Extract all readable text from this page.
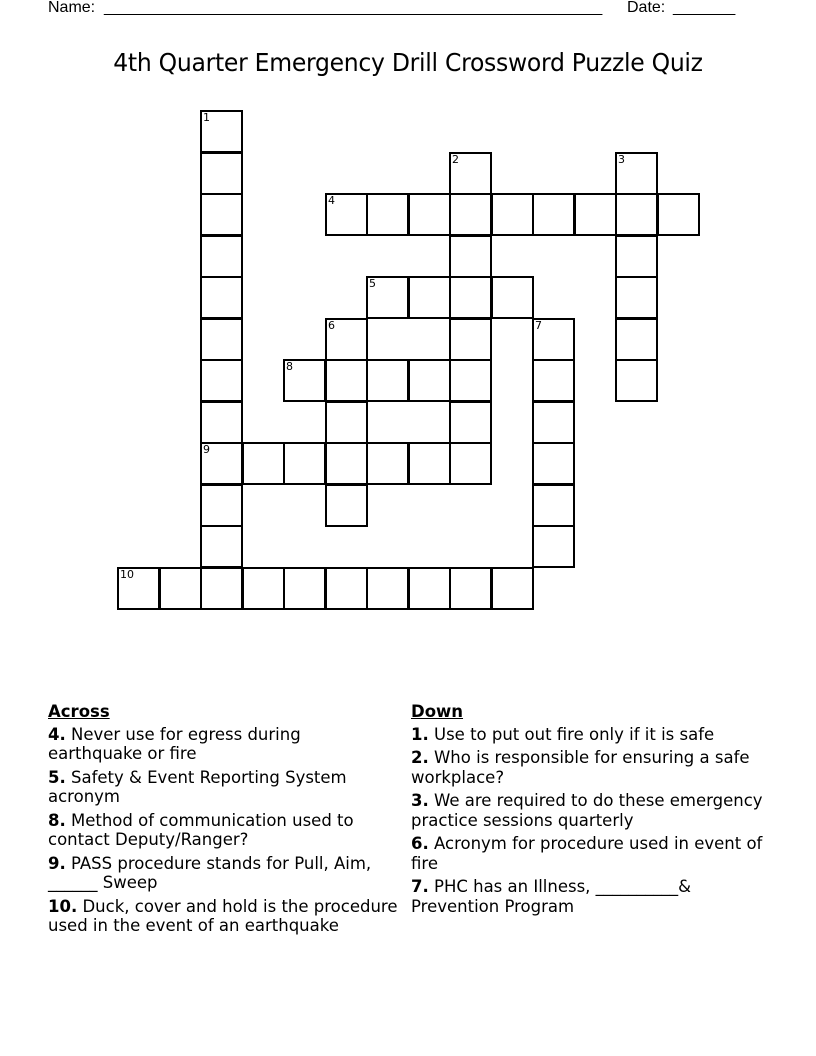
Name: ________________________________________________________ Date: _______
4th Quarter Emergency Drill Crossword Puzzle Quiz
1
9
2	3
4
5
6	7
8
10
Across
4. Never use for egress during earthquake or fire
5. Safety & Event Reporting System acronym
8. Method of communication used to contact Deputy/Ranger?
9. PASS procedure stands for Pull, Aim, ______ Sweep
10. Duck, cover and hold is the procedure used in the event of an earthquake
Down
1. Use to put out fire only if it is safe
2. Who is responsible for ensuring a safe workplace?
3. We are required to do these emergency practice sessions quarterly
6. Acronym for procedure used in event of fire
7. PHC has an Illness, __________& Prevention Program
